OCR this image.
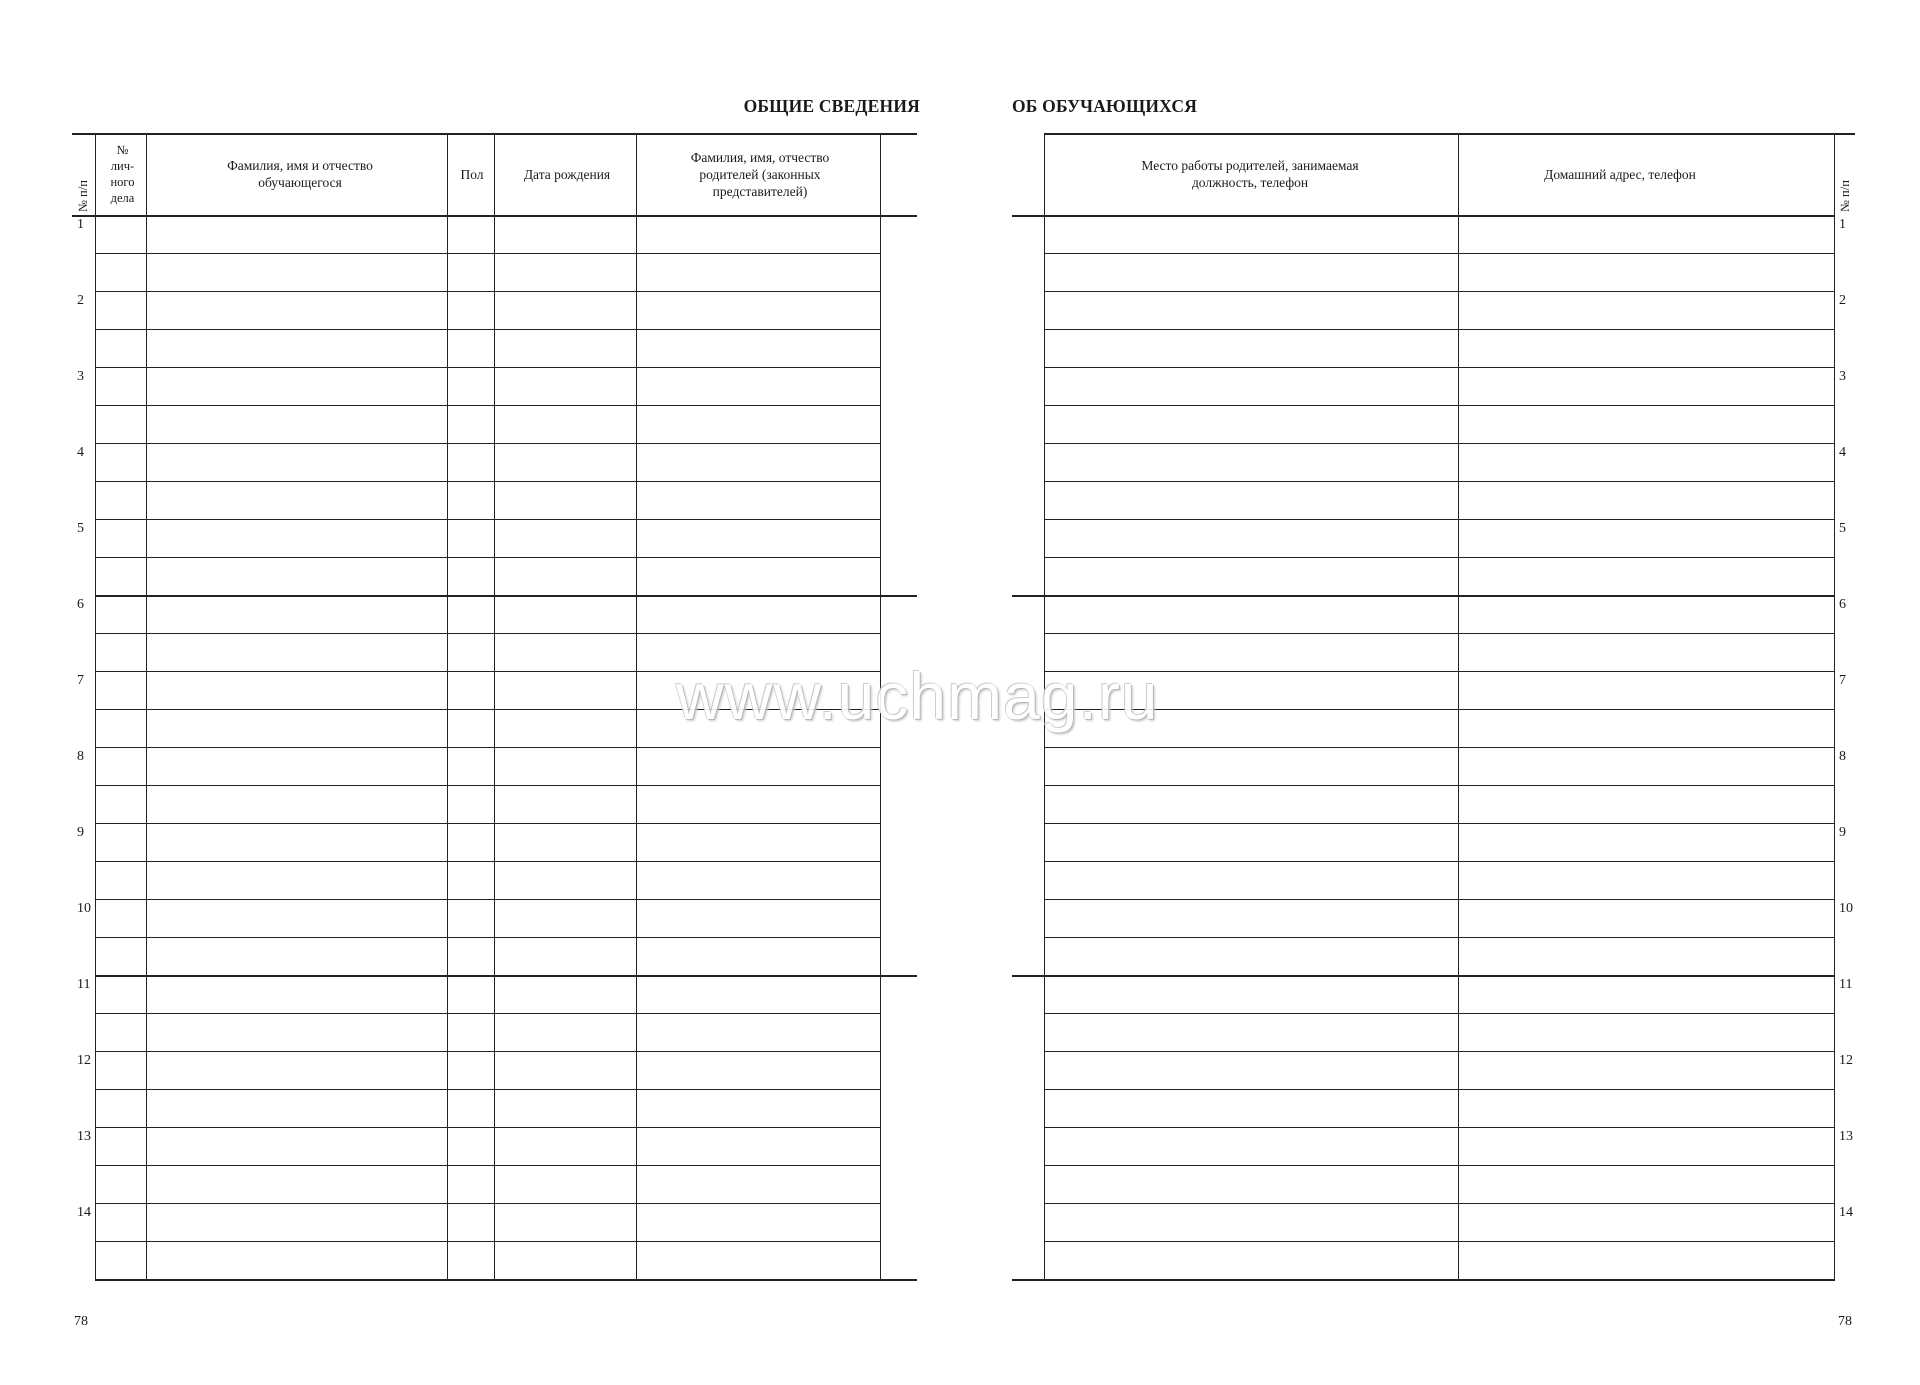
ОБЩИЕ СВЕДЕНИЯ
№ п/п
№
лич-
ного
дела
Фамилия, имя и отчество обучающегося
Пол	Дата рождения
Фамилия, имя, отчество родителей (законных представителей)
1
2
3
4
5
6
7
8
9
10
11
12
13
14
78
ОБ ОБУЧАЮЩИХСЯ
Место работы родителей, занимаемая должность, телефон
Домашний адрес, телефон
№ п/п
1
2
3
4
5
6
7
8
9
10
11
12
13
14
78
www.uchmag.ru
